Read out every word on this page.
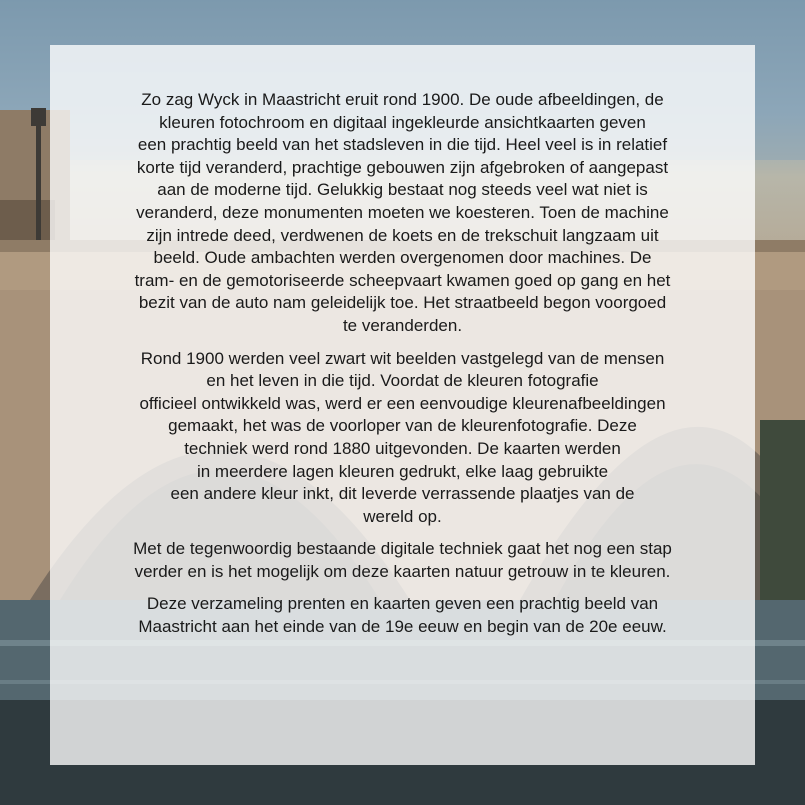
Zo zag Wyck in Maastricht eruit rond 1900. De oude afbeeldingen, de
kleuren fotochroom en digitaal ingekleurde ansichtkaarten geven
een prachtig beeld van het stadsleven in die tijd. Heel veel is in relatief
korte tijd veranderd, prachtige gebouwen zijn afgebroken of aangepast
aan de moderne tijd. Gelukkig bestaat nog steeds veel wat niet is
veranderd, deze monumenten moeten we koesteren. Toen de machine
zijn intrede deed, verdwenen de koets en de trekschuit langzaam uit
beeld. Oude ambachten werden overgenomen door machines. De
tram- en de gemotoriseerde scheepvaart kwamen goed op gang en het
bezit van de auto nam geleidelijk toe. Het straatbeeld begon voorgoed
te veranderden.

Rond 1900 werden veel zwart wit beelden vastgelegd van de mensen
en het leven in die tijd. Voordat de kleuren fotografie
officieel ontwikkeld was, werd er een eenvoudige kleurenafbeeldingen
gemaakt, het was de voorloper van de kleurenfotografie. Deze
techniek werd rond 1880 uitgevonden. De kaarten werden
in meerdere lagen kleuren gedrukt, elke laag gebruikte
een andere kleur inkt, dit leverde verrassende plaatjes van de
wereld op.

Met de tegenwoordig bestaande digitale techniek gaat het nog een stap
verder en is het mogelijk om deze kaarten natuur getrouw in te kleuren.

Deze verzameling prenten en kaarten geven een prachtig beeld van
Maastricht aan het einde van de 19e eeuw en begin van de 20e eeuw.
